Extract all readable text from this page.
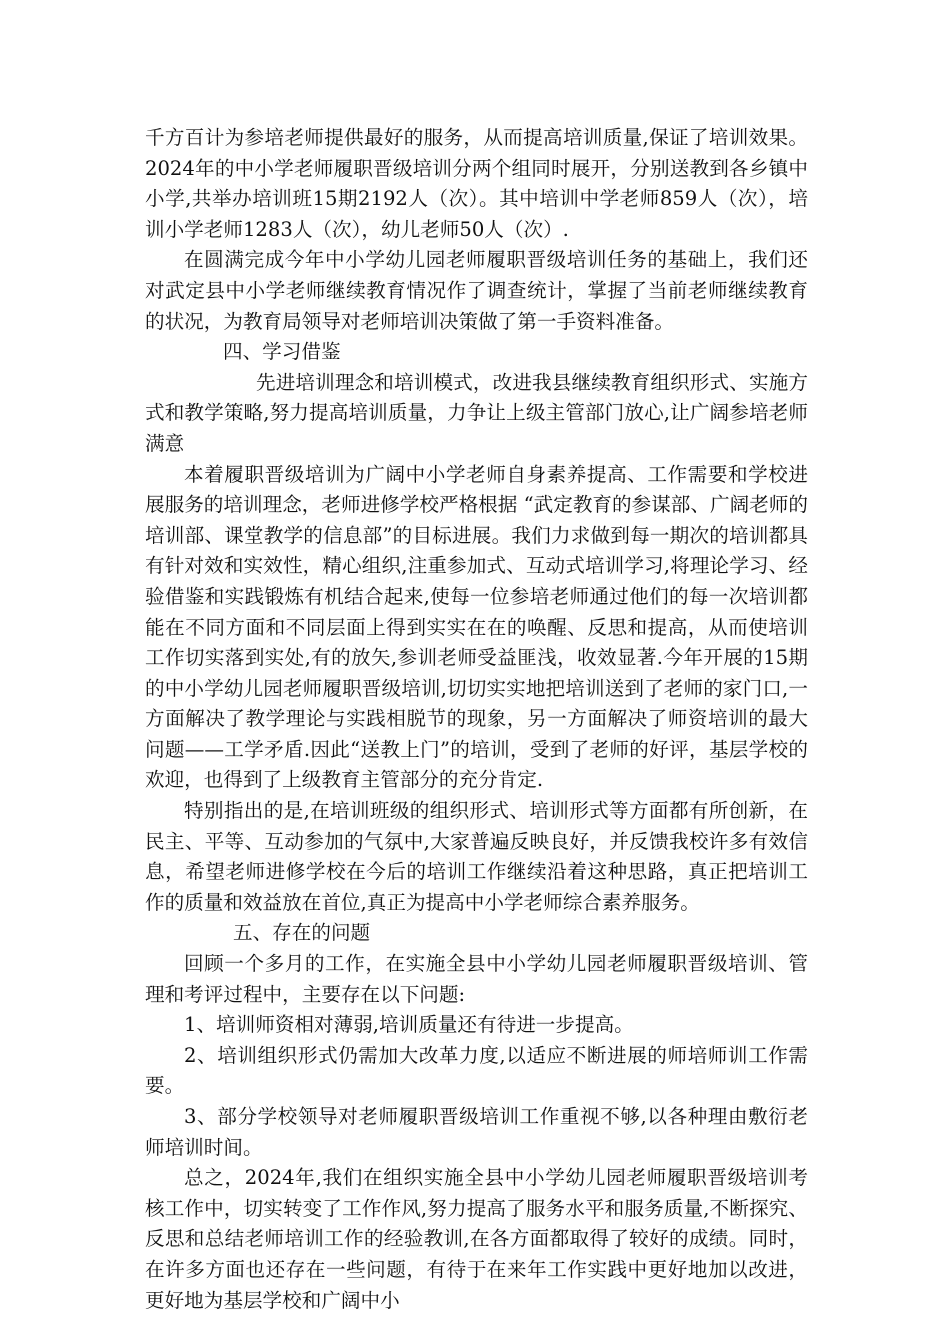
千方百计为参培老师提供最好的服务，从而提高培训质量,保证了培训效果。2024年的中小学老师履职晋级培训分两个组同时展开，分别送教到各乡镇中小学,共举办培训班15期2192人（次）。其中培训中学老师859人（次），培训小学老师1283人（次），幼儿老师50人（次）.

在圆满完成今年中小学幼儿园老师履职晋级培训任务的基础上，我们还对武定县中小学老师继续教育情况作了调查统计，掌握了当前老师继续教育的状况，为教育局领导对老师培训决策做了第一手资料准备。

四、学习借鉴

先进培训理念和培训模式，改进我县继续教育组织形式、实施方式和教学策略,努力提高培训质量，力争让上级主管部门放心,让广阔参培老师满意

本着履职晋级培训为广阔中小学老师自身素养提高、工作需要和学校进展服务的培训理念，老师进修学校严格根据 “武定教育的参谋部、广阔老师的培训部、课堂教学的信息部”的目标进展。我们力求做到每一期次的培训都具有针对效和实效性，精心组织,注重参加式、互动式培训学习,将理论学习、经验借鉴和实践锻炼有机结合起来,使每一位参培老师通过他们的每一次培训都能在不同方面和不同层面上得到实实在在的唤醒、反思和提高，从而使培训工作切实落到实处,有的放矢,参训老师受益匪浅，收效显著.今年开展的15期的中小学幼儿园老师履职晋级培训,切切实实地把培训送到了老师的家门口,一方面解决了教学理论与实践相脱节的现象，另一方面解决了师资培训的最大问题——工学矛盾.因此“送教上门”的培训，受到了老师的好评，基层学校的欢迎，也得到了上级教育主管部分的充分肯定.

特别指出的是,在培训班级的组织形式、培训形式等方面都有所创新，在民主、平等、互动参加的气氛中,大家普遍反映良好，并反馈我校许多有效信息，希望老师进修学校在今后的培训工作继续沿着这种思路，真正把培训工作的质量和效益放在首位,真正为提高中小学老师综合素养服务。

五、存在的问题

回顾一个多月的工作，在实施全县中小学幼儿园老师履职晋级培训、管理和考评过程中，主要存在以下问题:

1、培训师资相对薄弱,培训质量还有待进一步提高。

2、培训组织形式仍需加大改革力度,以适应不断进展的师培师训工作需要。

3、部分学校领导对老师履职晋级培训工作重视不够,以各种理由敷衍老师培训时间。

总之，2024年,我们在组织实施全县中小学幼儿园老师履职晋级培训考核工作中，切实转变了工作作风,努力提高了服务水平和服务质量,不断探究、反思和总结老师培训工作的经验教训,在各方面都取得了较好的成绩。同时，在许多方面也还存在一些问题，有待于在来年工作实践中更好地加以改进，更好地为基层学校和广阔中小
